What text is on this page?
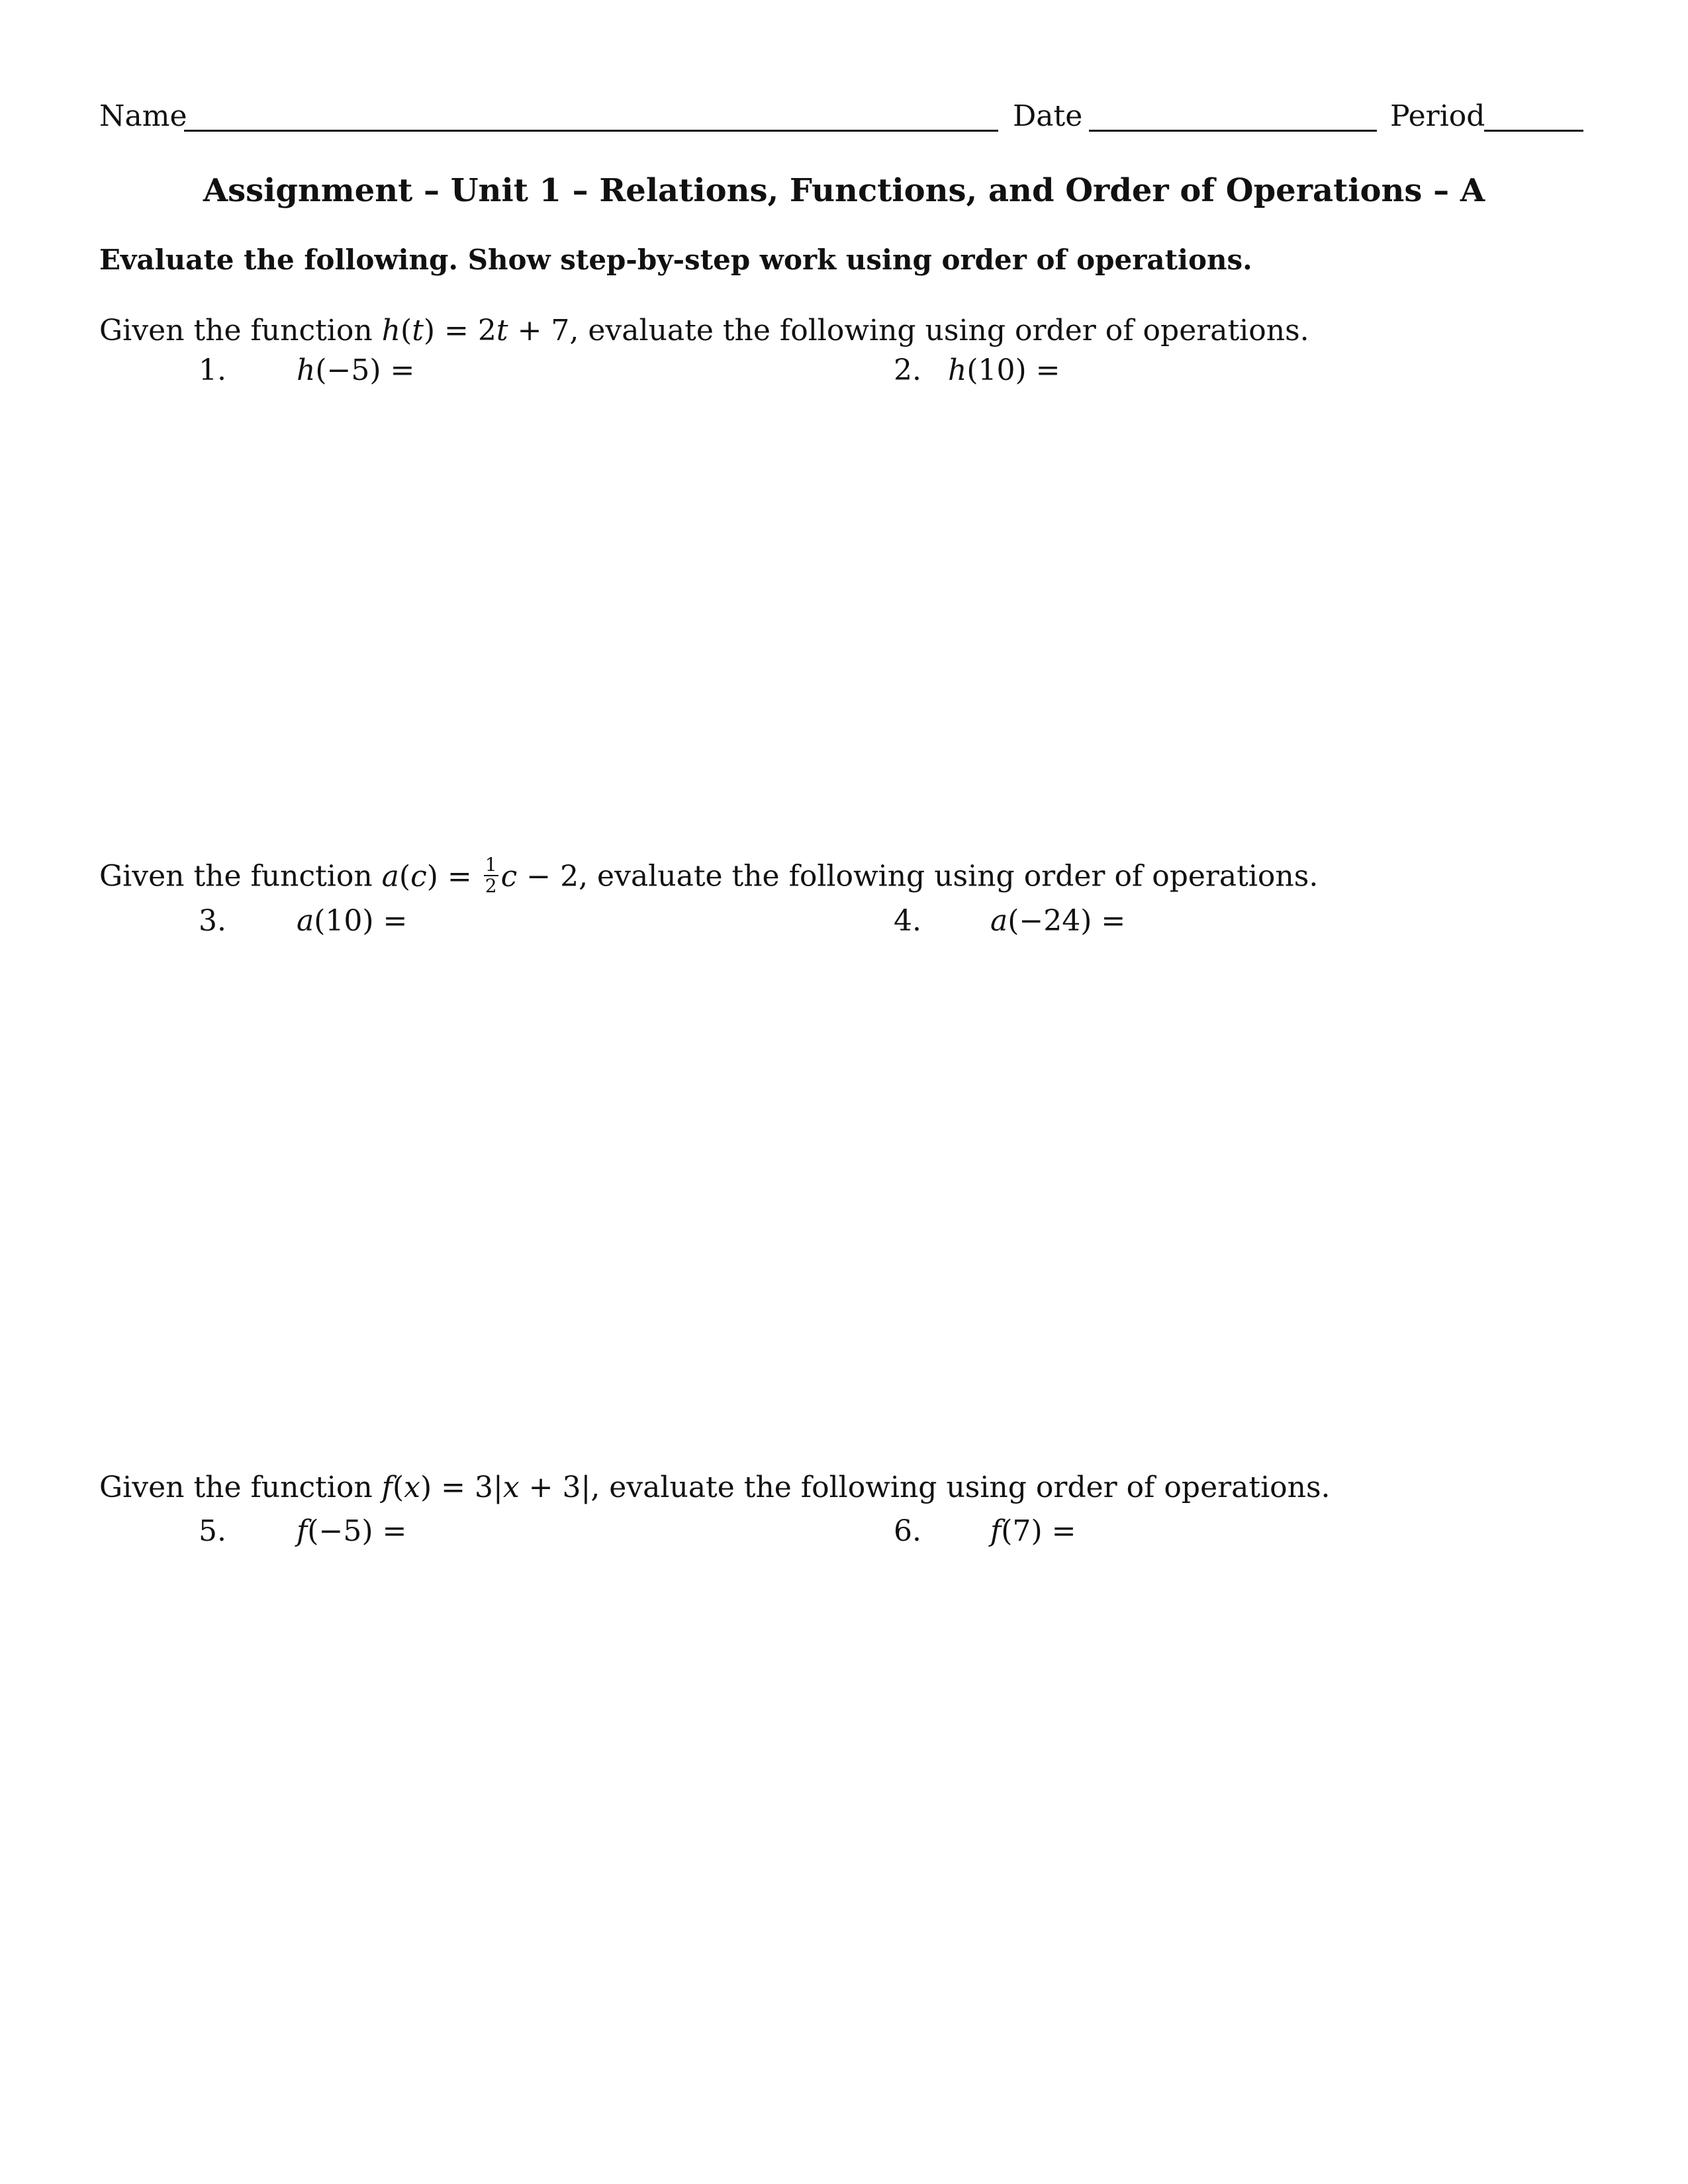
Name	Date	Period
Assignment – Unit 1 – Relations, Functions, and Order of Operations – A
Evaluate the following. Show step-by-step work using order of operations.
Given the function h(t) = 2t + 7, evaluate the following using order of operations.
1. h(−5) =	2. h(10) =
Given the function $a(c) = \frac{1}{2}$ c − 2, evaluate the following using order of operations.
3. a(10) =	4. a(−24) =
Given the function f(x) = 3|x + 3|, evaluate the following using order of operations.
5. f(−5) =	6. f(7) =
